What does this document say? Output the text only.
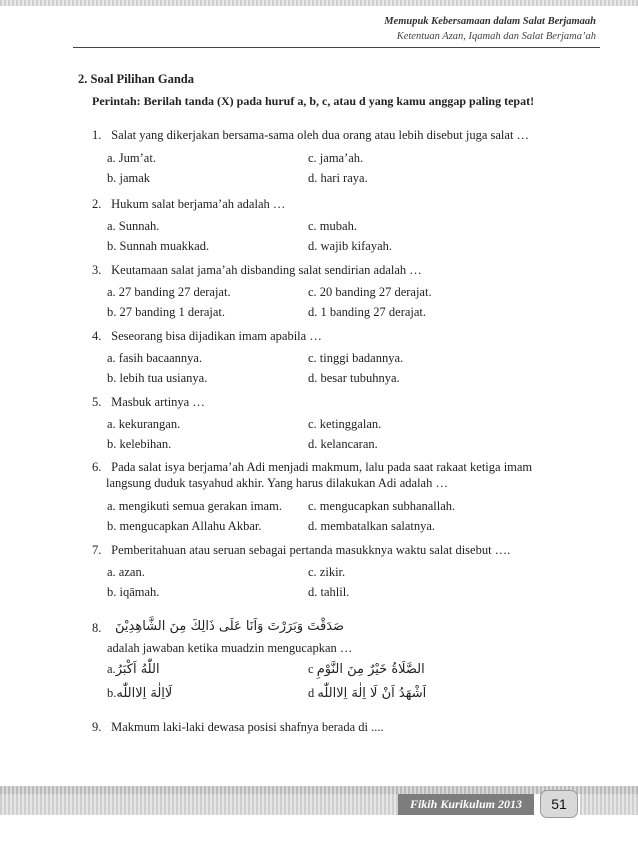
Memupuk Kebersamaan dalam Salat Berjamaah
Ketentuan Azan, Iqamah dan Salat Berjama’ah
2. Soal Pilihan Ganda
Perintah: Berilah tanda (X) pada huruf a, b, c, atau d yang kamu anggap paling tepat!
1. Salat yang dikerjakan bersama-sama oleh dua orang atau lebih disebut juga salat …
a. Jum’at.	c. jama’ah.
b. jamak	d. hari raya.
2. Hukum salat berjama’ah adalah …
a. Sunnah.	c. mubah.
b. Sunnah muakkad.	d. wajib kifayah.
3. Keutamaan salat jama’ah disbanding salat sendirian adalah …
a. 27 banding 27 derajat.	c. 20 banding 27 derajat.
b. 27 banding 1 derajat.	d. 1 banding 27 derajat.
4. Seseorang bisa dijadikan imam apabila …
a. fasih bacaannya.	c. tinggi badannya.
b. lebih tua usianya.	d. besar tubuhnya.
5. Masbuk artinya …
a. kekurangan.	c. ketinggalan.
b. kelebihan.	d. kelancaran.
6. Pada salat isya berjama’ah Adi menjadi makmum, lalu pada saat rakaat ketiga imam
langsung duduk tasyahud akhir. Yang harus dilakukan Adi adalah …
a. mengikuti semua gerakan imam. c. mengucapkan subhanallah.
b. mengucapkan Allahu Akbar.	d. membatalkan salatnya.
7. Pemberitahuan atau seruan sebagai pertanda masukknya waktu salat disebut ….
a. azan.	c. zikir.
b. iqāmah.	d. tahlil.
8. صَدَقْتَ وَبَرَرْتَ وَاَنَا عَلَى ذَالِكَ مِنَ الشَّاهِدِيْنَ
adalah jawaban ketika muadzin mengucapkan …
a.اللّٰهُ اَكْبَرُ	c الصَّلَاةُ خَيْرٌ مِنَ النَّوْمِ
b.لَااِلٰهَ اِلااللّٰه	d اَشْهَدُ اَنْ لَا اِلٰهَ اِلااللّٰه
9. Makmum laki-laki dewasa posisi shafnya berada di ....
Fikih Kurikulum 2013	51
